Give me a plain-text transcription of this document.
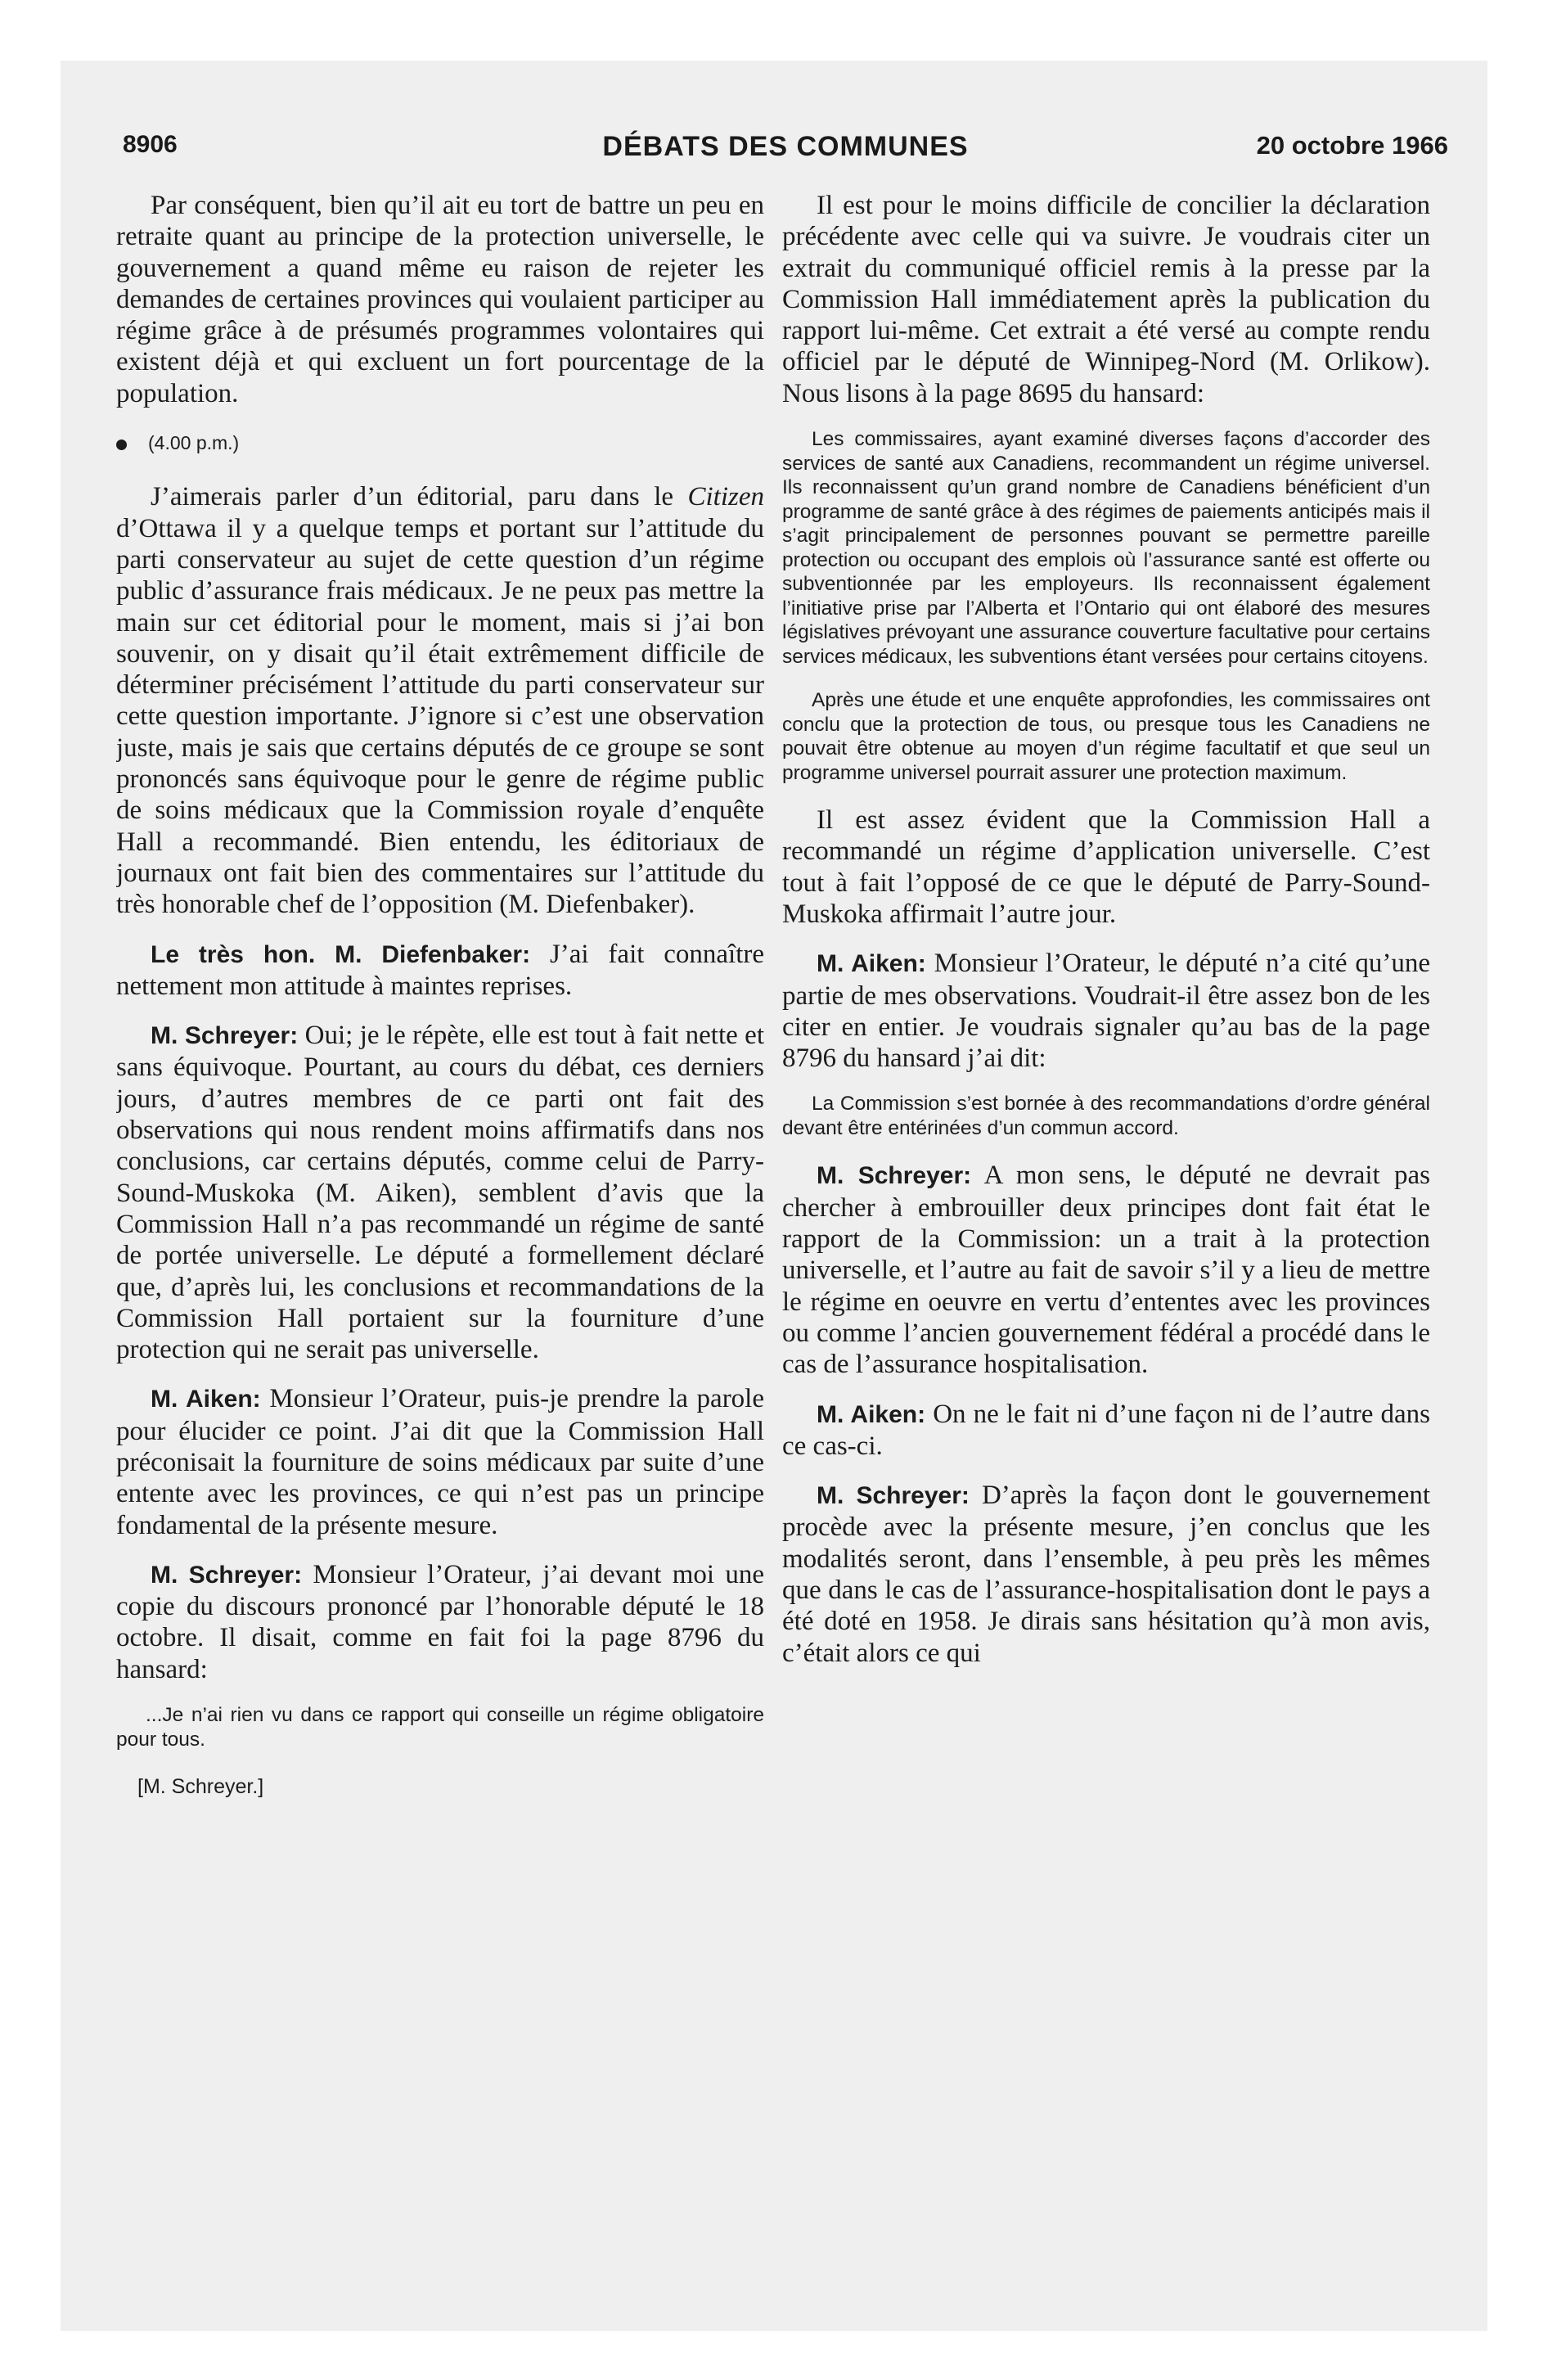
8906	DÉBATS DES COMMUNES	20 octobre 1966

Par conséquent, bien qu’il ait eu tort de battre un peu en retraite quant au principe de la protection universelle, le gouvernement a quand même eu raison de rejeter les demandes de certaines provinces qui voulaient participer au régime grâce à de présumés programmes volontaires qui existent déjà et qui excluent un fort pourcentage de la population.

(4.00 p.m.)

J’aimerais parler d’un éditorial, paru dans le Citizen d’Ottawa il y a quelque temps et portant sur l’attitude du parti conservateur au sujet de cette question d’un régime public d’assurance frais médicaux. Je ne peux pas mettre la main sur cet éditorial pour le moment, mais si j’ai bon souvenir, on y disait qu’il était extrêmement difficile de déterminer précisément l’attitude du parti conservateur sur cette question importante. J’ignore si c’est une observation juste, mais je sais que certains députés de ce groupe se sont prononcés sans équivoque pour le genre de régime public de soins médicaux que la Commission royale d’enquête Hall a recommandé. Bien entendu, les éditoriaux de journaux ont fait bien des commentaires sur l’attitude du très honorable chef de l’opposition (M. Diefenbaker).

Le très hon. M. Diefenbaker: J’ai fait connaître nettement mon attitude à maintes reprises.

M. Schreyer: Oui; je le répète, elle est tout à fait nette et sans équivoque. Pourtant, au cours du débat, ces derniers jours, d’autres membres de ce parti ont fait des observations qui nous rendent moins affirmatifs dans nos conclusions, car certains députés, comme celui de Parry-Sound-Muskoka (M. Aiken), semblent d’avis que la Commission Hall n’a pas recommandé un régime de santé de portée universelle. Le député a formellement déclaré que, d’après lui, les conclusions et recommandations de la Commission Hall portaient sur la fourniture d’une protection qui ne serait pas universelle.

M. Aiken: Monsieur l’Orateur, puis-je prendre la parole pour élucider ce point. J’ai dit que la Commission Hall préconisait la fourniture de soins médicaux par suite d’une entente avec les provinces, ce qui n’est pas un principe fondamental de la présente mesure.

M. Schreyer: Monsieur l’Orateur, j’ai devant moi une copie du discours prononcé par l’honorable député le 18 octobre. Il disait, comme en fait foi la page 8796 du hansard:

...Je n’ai rien vu dans ce rapport qui conseille un régime obligatoire pour tous.
[M. Schreyer.]

Il est pour le moins difficile de concilier la déclaration précédente avec celle qui va suivre. Je voudrais citer un extrait du communiqué officiel remis à la presse par la Commission Hall immédiatement après la publication du rapport lui-même. Cet extrait a été versé au compte rendu officiel par le député de Winnipeg-Nord (M. Orlikow). Nous lisons à la page 8695 du hansard:

Les commissaires, ayant examiné diverses façons d’accorder des services de santé aux Canadiens, recommandent un régime universel. Ils reconnaissent qu’un grand nombre de Canadiens bénéficient d’un programme de santé grâce à des régimes de paiements anticipés mais il s’agit principalement de personnes pouvant se permettre pareille protection ou occupant des emplois où l’assurance santé est offerte ou subventionnée par les employeurs. Ils reconnaissent également l’initiative prise par l’Alberta et l’Ontario qui ont élaboré des mesures législatives prévoyant une assurance couverture facultative pour certains services médicaux, les subventions étant versées pour certains citoyens.
Après une étude et une enquête approfondies, les commissaires ont conclu que la protection de tous, ou presque tous les Canadiens ne pouvait être obtenue au moyen d’un régime facultatif et que seul un programme universel pourrait assurer une protection maximum.

Il est assez évident que la Commission Hall a recommandé un régime d’application universelle. C’est tout à fait l’opposé de ce que le député de Parry-Sound-Muskoka affirmait l’autre jour.

M. Aiken: Monsieur l’Orateur, le député n’a cité qu’une partie de mes observations. Voudrait-il être assez bon de les citer en entier. Je voudrais signaler qu’au bas de la page 8796 du hansard j’ai dit:

La Commission s’est bornée à des recommandations d’ordre général devant être entérinées d’un commun accord.

M. Schreyer: A mon sens, le député ne devrait pas chercher à embrouiller deux principes dont fait état le rapport de la Commission: un a trait à la protection universelle, et l’autre au fait de savoir s’il y a lieu de mettre le régime en oeuvre en vertu d’ententes avec les provinces ou comme l’ancien gouvernement fédéral a procédé dans le cas de l’assurance hospitalisation.

M. Aiken: On ne le fait ni d’une façon ni de l’autre dans ce cas-ci.

M. Schreyer: D’après la façon dont le gouvernement procède avec la présente mesure, j’en conclus que les modalités seront, dans l’ensemble, à peu près les mêmes que dans le cas de l’assurance-hospitalisation dont le pays a été doté en 1958. Je dirais sans hésitation qu’à mon avis, c’était alors ce qui
